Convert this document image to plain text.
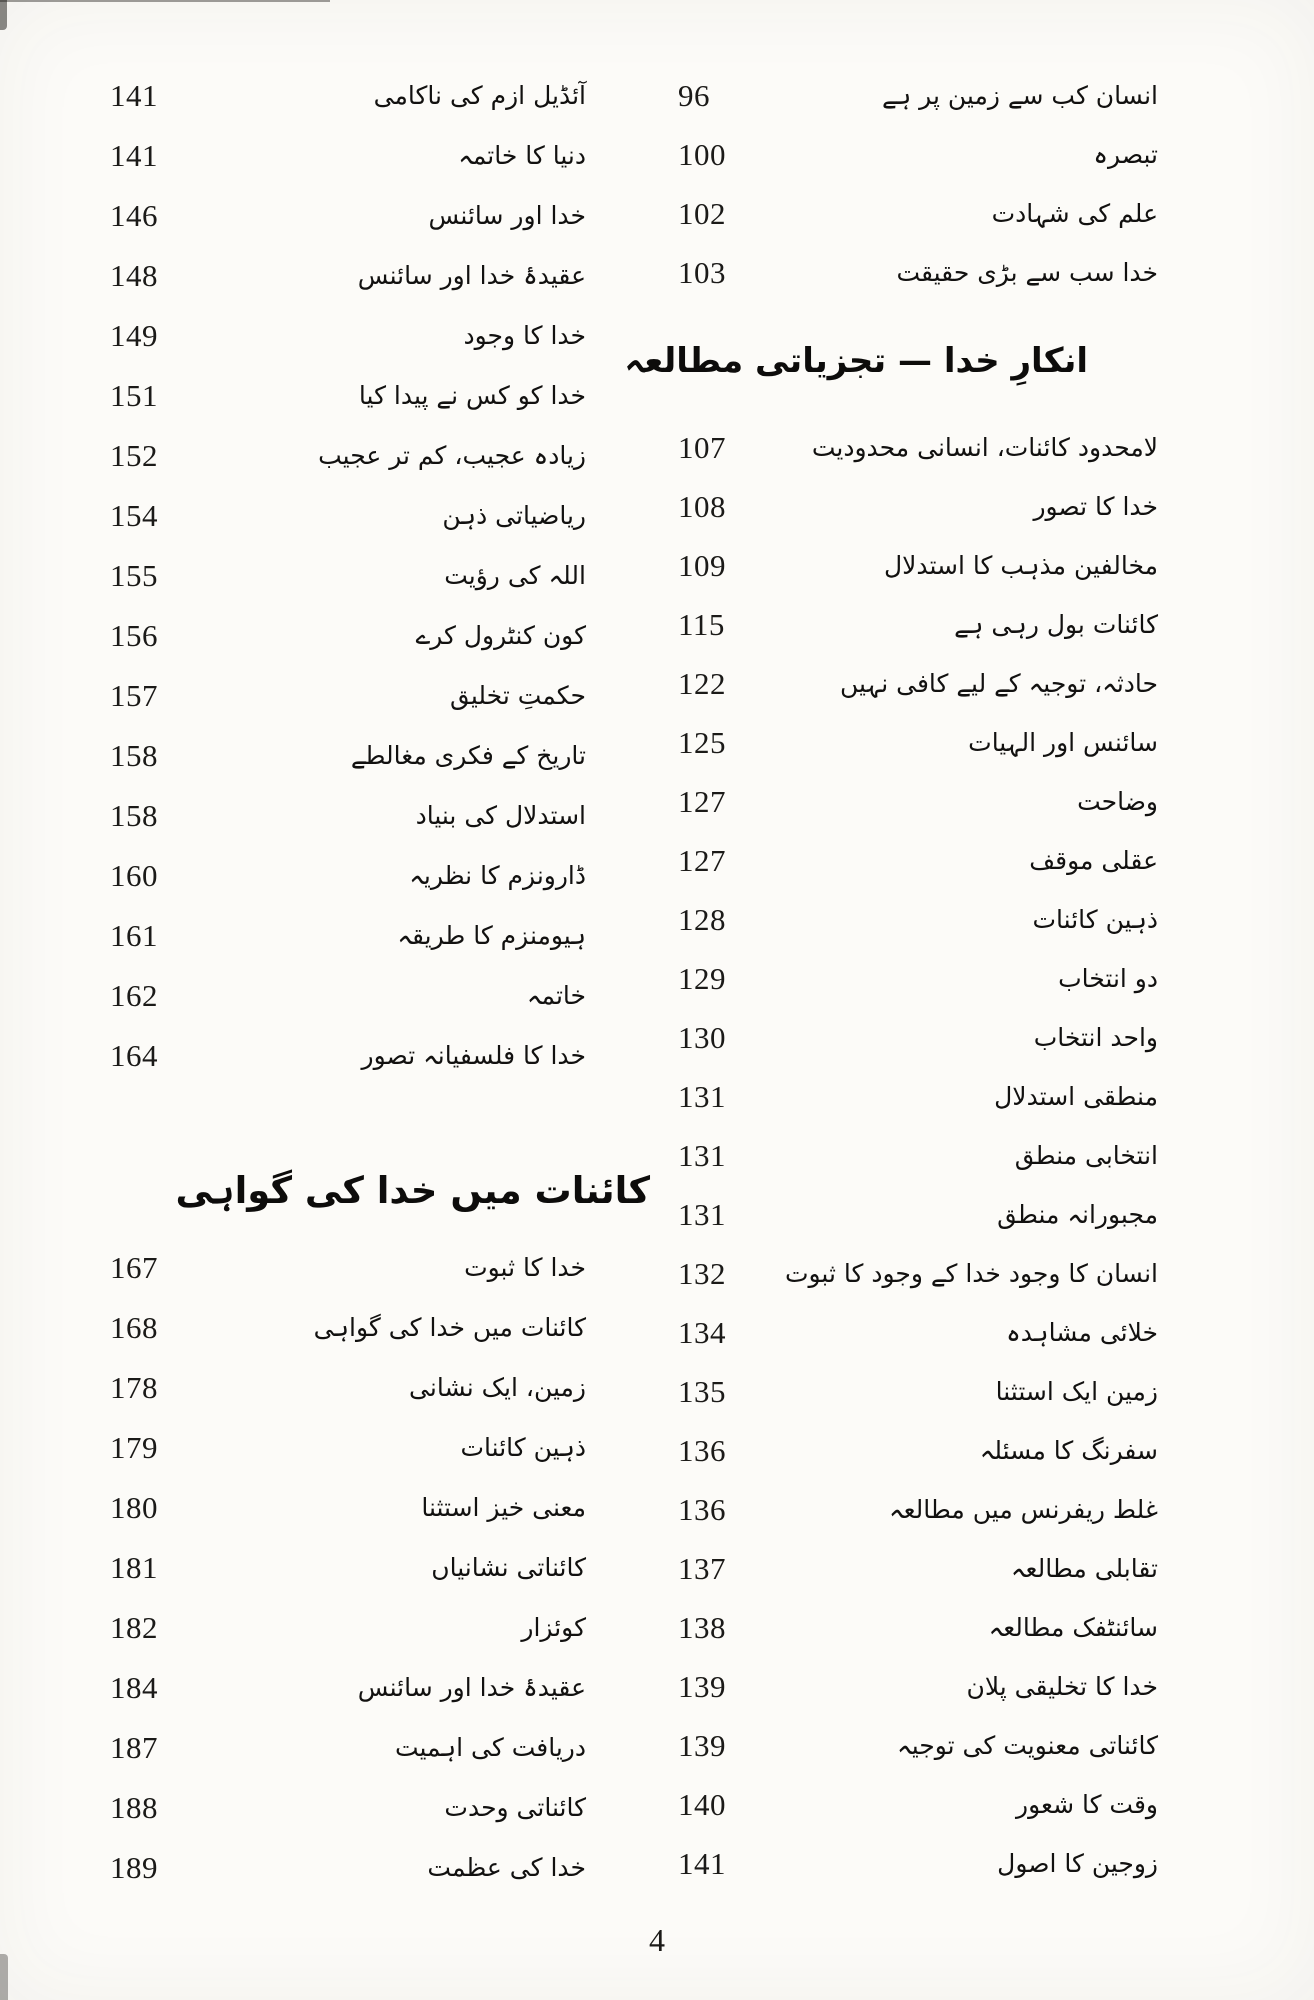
141	آئڈیل ازم کی ناکامی
141	دنیا کا خاتمہ
146	خدا اور سائنس
148	عقیدۂ خدا اور سائنس
149	خدا کا وجود
151	خدا کو کس نے پیدا کیا
152	زیادہ عجیب، کم تر عجیب
154	ریاضیاتی ذہن
155	اللہ کی رؤیت
156	کون کنٹرول کرے
157	حکمتِ تخلیق
158	تاریخ کے فکری مغالطے
158	استدلال کی بنیاد
160	ڈارونزم کا نظریہ
161	ہیومنزم کا طریقہ
162	خاتمہ
164	خدا کا فلسفیانہ تصور
کائنات میں خدا کی گواہی
167	خدا کا ثبوت
168	کائنات میں خدا کی گواہی
178	زمین، ایک نشانی
179	ذہین کائنات
180	معنی خیز استثنا
181	کائناتی نشانیاں
182	کوئزار
184	عقیدۂ خدا اور سائنس
187	دریافت کی اہمیت
188	کائناتی وحدت
189	خدا کی عظمت
96	انسان کب سے زمین پر ہے
100	تبصرہ
102	علم کی شہادت
103	خدا سب سے بڑی حقیقت
انکارِ خدا — تجزیاتی مطالعہ
107	لامحدود کائنات، انسانی محدودیت
108	خدا کا تصور
109	مخالفین مذہب کا استدلال
115	کائنات بول رہی ہے
122	حادثہ، توجیہ کے لیے کافی نہیں
125	سائنس اور الہیات
127	وضاحت
127	عقلی موقف
128	ذہین کائنات
129	دو انتخاب
130	واحد انتخاب
131	منطقی استدلال
131	انتخابی منطق
131	مجبورانہ منطق
132	انسان کا وجود خدا کے وجود کا ثبوت
134	خلائی مشاہدہ
135	زمین ایک استثنا
136	سفرنگ کا مسئلہ
136	غلط ریفرنس میں مطالعہ
137	تقابلی مطالعہ
138	سائنٹفک مطالعہ
139	خدا کا تخلیقی پلان
139	کائناتی معنویت کی توجیہ
140	وقت کا شعور
141	زوجین کا اصول
4
